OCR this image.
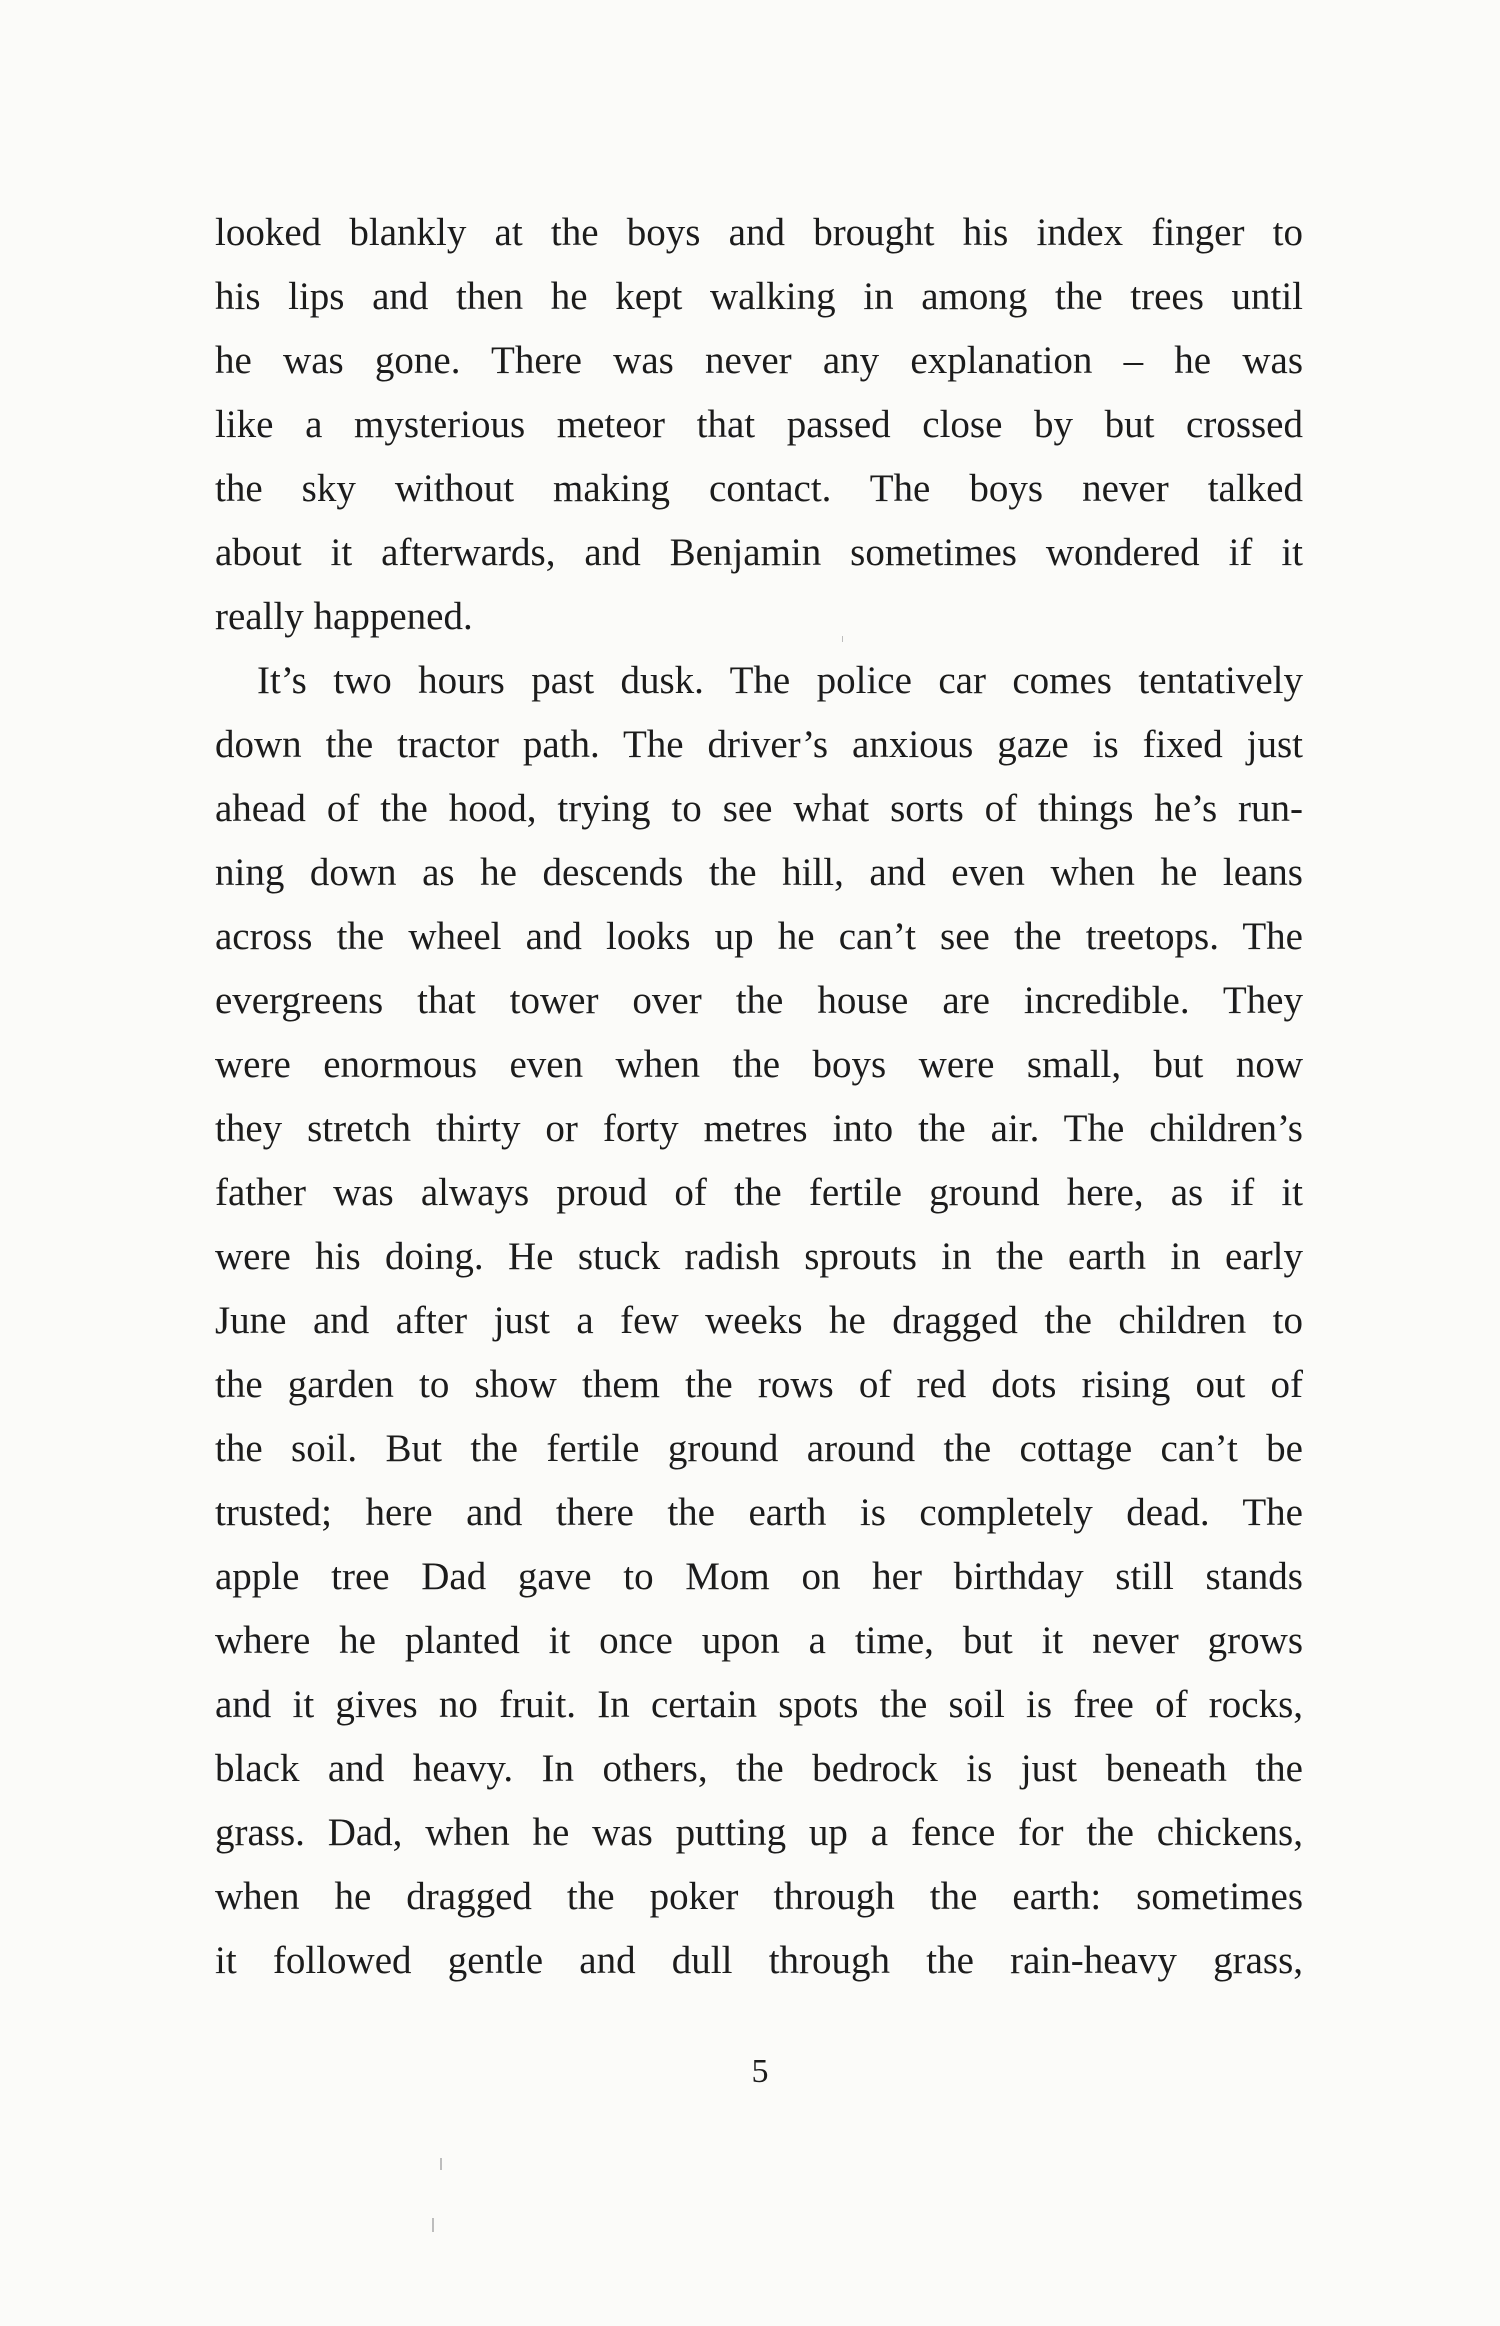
looked blankly at the boys and brought his index finger to
his lips and then he kept walking in among the trees until
he was gone. There was never any explanation – he was
like a mysterious meteor that passed close by but crossed
the sky without making contact. The boys never talked
about it afterwards, and Benjamin sometimes wondered if it
really happened.
It’s two hours past dusk. The police car comes tentatively
down the tractor path. The driver’s anxious gaze is fixed just
ahead of the hood, trying to see what sorts of things he’s run-
ning down as he descends the hill, and even when he leans
across the wheel and looks up he can’t see the treetops. The
evergreens that tower over the house are incredible. They
were enormous even when the boys were small, but now
they stretch thirty or forty metres into the air. The children’s
father was always proud of the fertile ground here, as if it
were his doing. He stuck radish sprouts in the earth in early
June and after just a few weeks he dragged the children to
the garden to show them the rows of red dots rising out of
the soil. But the fertile ground around the cottage can’t be
trusted; here and there the earth is completely dead. The
apple tree Dad gave to Mom on her birthday still stands
where he planted it once upon a time, but it never grows
and it gives no fruit. In certain spots the soil is free of rocks,
black and heavy. In others, the bedrock is just beneath the
grass. Dad, when he was putting up a fence for the chickens,
when he dragged the poker through the earth: sometimes
it followed gentle and dull through the rain-heavy grass,
5
